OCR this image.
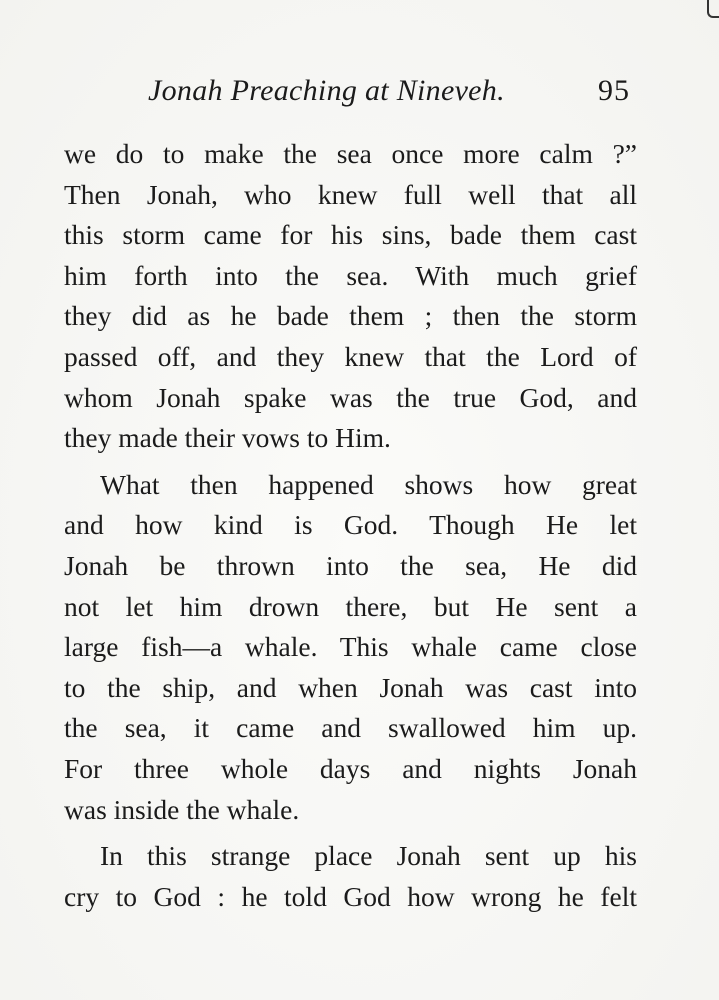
Jonah Preaching at Nineveh.	95
we do to make the sea once more calm ?”
Then Jonah, who knew full well that all
this storm came for his sins, bade them cast
him forth into the sea. With much grief
they did as he bade them ; then the storm
passed off, and they knew that the Lord of
whom Jonah spake was the true God, and
they made their vows to Him.
What then happened shows how great
and how kind is God. Though He let
Jonah be thrown into the sea, He did
not let him drown there, but He sent a
large fish—a whale. This whale came close
to the ship, and when Jonah was cast into
the sea, it came and swallowed him up.
For three whole days and nights Jonah
was inside the whale.
In this strange place Jonah sent up his
cry to God : he told God how wrong he felt
